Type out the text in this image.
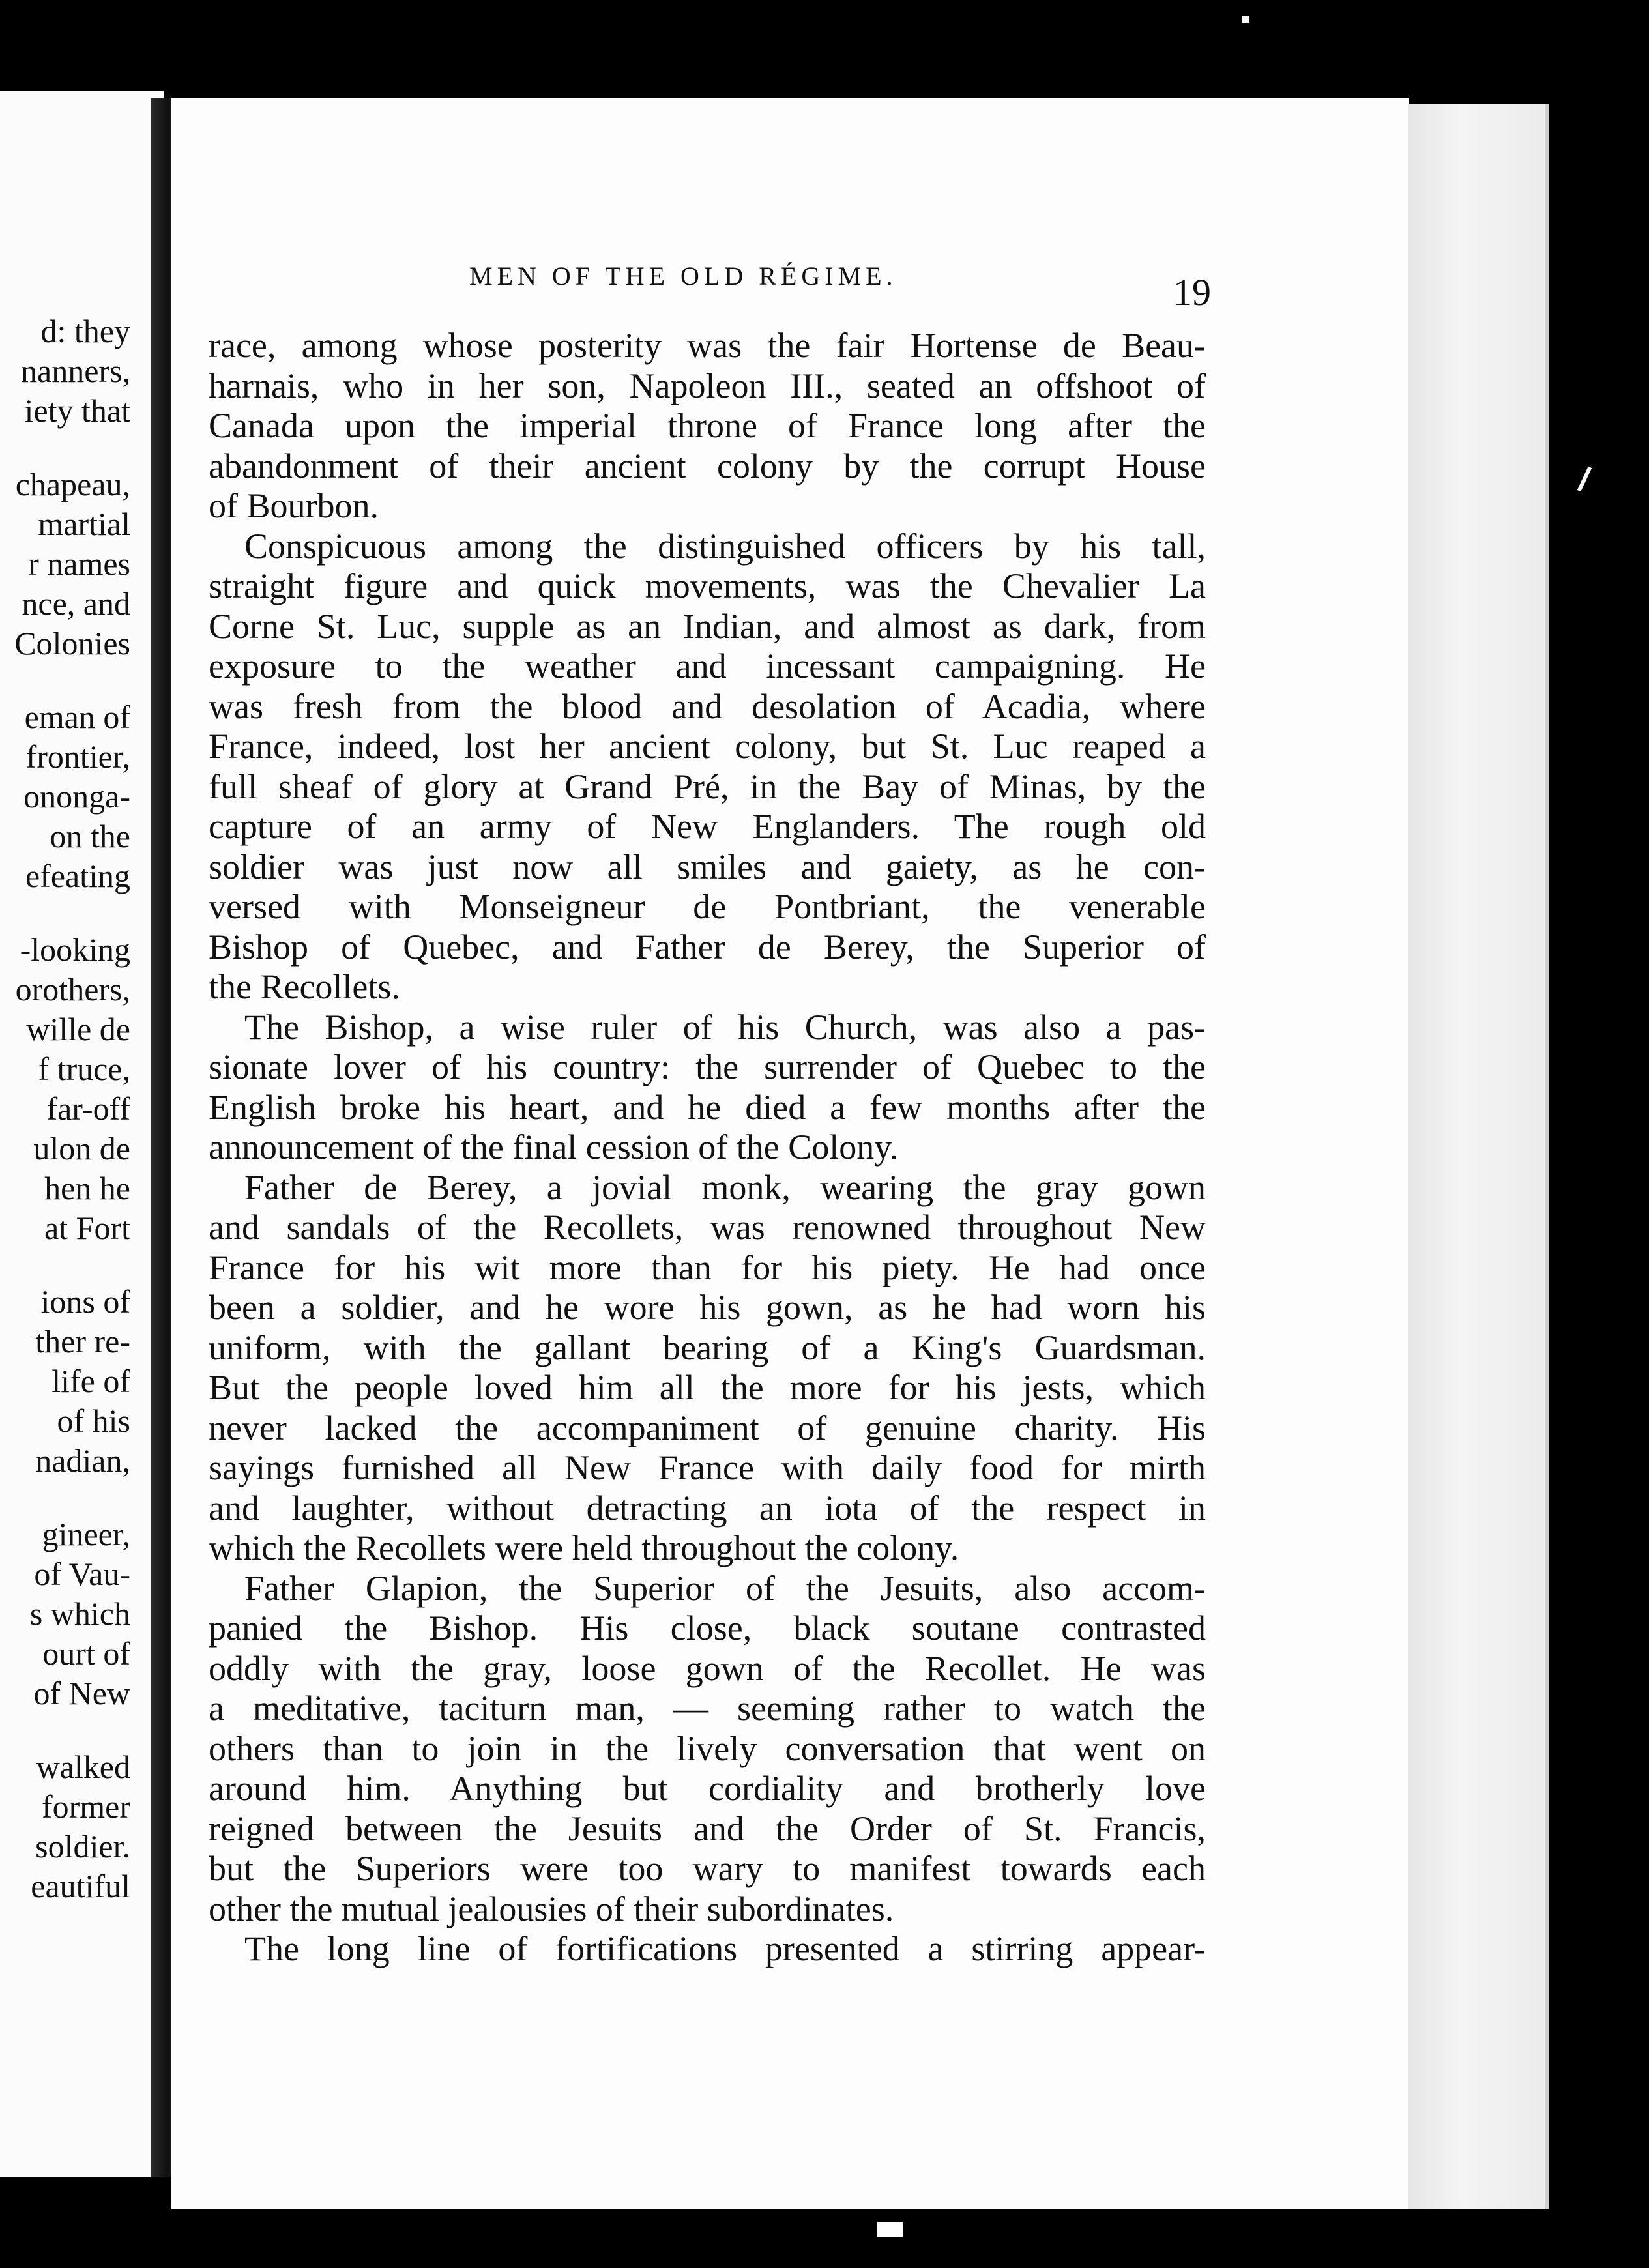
d: they
nanners,
iety that
chapeau,
martial
r names
nce, and
Colonies
eman of
frontier,
onongа-
on the
efeating
-looking
orothers,
wille de
f truce,
far-off
ulon de
hen he
at Fort
ions of
ther re-
life of
of his
nadian,
gineer,
of Vau-
s which
ourt of
of New
walked
former
soldier.
eautiful
MEN OF THE OLD RÉGIME.	19
race, among whose posterity was the fair Hortense de Beau-
harnais, who in her son, Napoleon III., seated an offshoot of
Canada upon the imperial throne of France long after the
abandonment of their ancient colony by the corrupt House
of Bourbon.
Conspicuous among the distinguished officers by his tall,
straight figure and quick movements, was the Chevalier La
Corne St. Luc, supple as an Indian, and almost as dark, from
exposure to the weather and incessant campaigning. He
was fresh from the blood and desolation of Acadia, where
France, indeed, lost her ancient colony, but St. Luc reaped a
full sheaf of glory at Grand Pré, in the Bay of Minas, by the
capture of an army of New Englanders. The rough old
soldier was just now all smiles and gaiety, as he con-
versed with Monseigneur de Pontbriant, the venerable
Bishop of Quebec, and Father de Berey, the Superior of
the Recollets.
The Bishop, a wise ruler of his Church, was also a pas-
sionate lover of his country: the surrender of Quebec to the
English broke his heart, and he died a few months after the
announcement of the final cession of the Colony.
Father de Berey, a jovial monk, wearing the gray gown
and sandals of the Recollets, was renowned throughout New
France for his wit more than for his piety. He had once
been a soldier, and he wore his gown, as he had worn his
uniform, with the gallant bearing of a King's Guardsman.
But the people loved him all the more for his jests, which
never lacked the accompaniment of genuine charity. His
sayings furnished all New France with daily food for mirth
and laughter, without detracting an iota of the respect in
which the Recollets were held throughout the colony.
Father Glapion, the Superior of the Jesuits, also accom-
panied the Bishop. His close, black soutane contrasted
oddly with the gray, loose gown of the Recollet. He was
a meditative, taciturn man, — seeming rather to watch the
others than to join in the lively conversation that went on
around him. Anything but cordiality and brotherly love
reigned between the Jesuits and the Order of St. Francis,
but the Superiors were too wary to manifest towards each
other the mutual jealousies of their subordinates.
The long line of fortifications presented a stirring appear-
